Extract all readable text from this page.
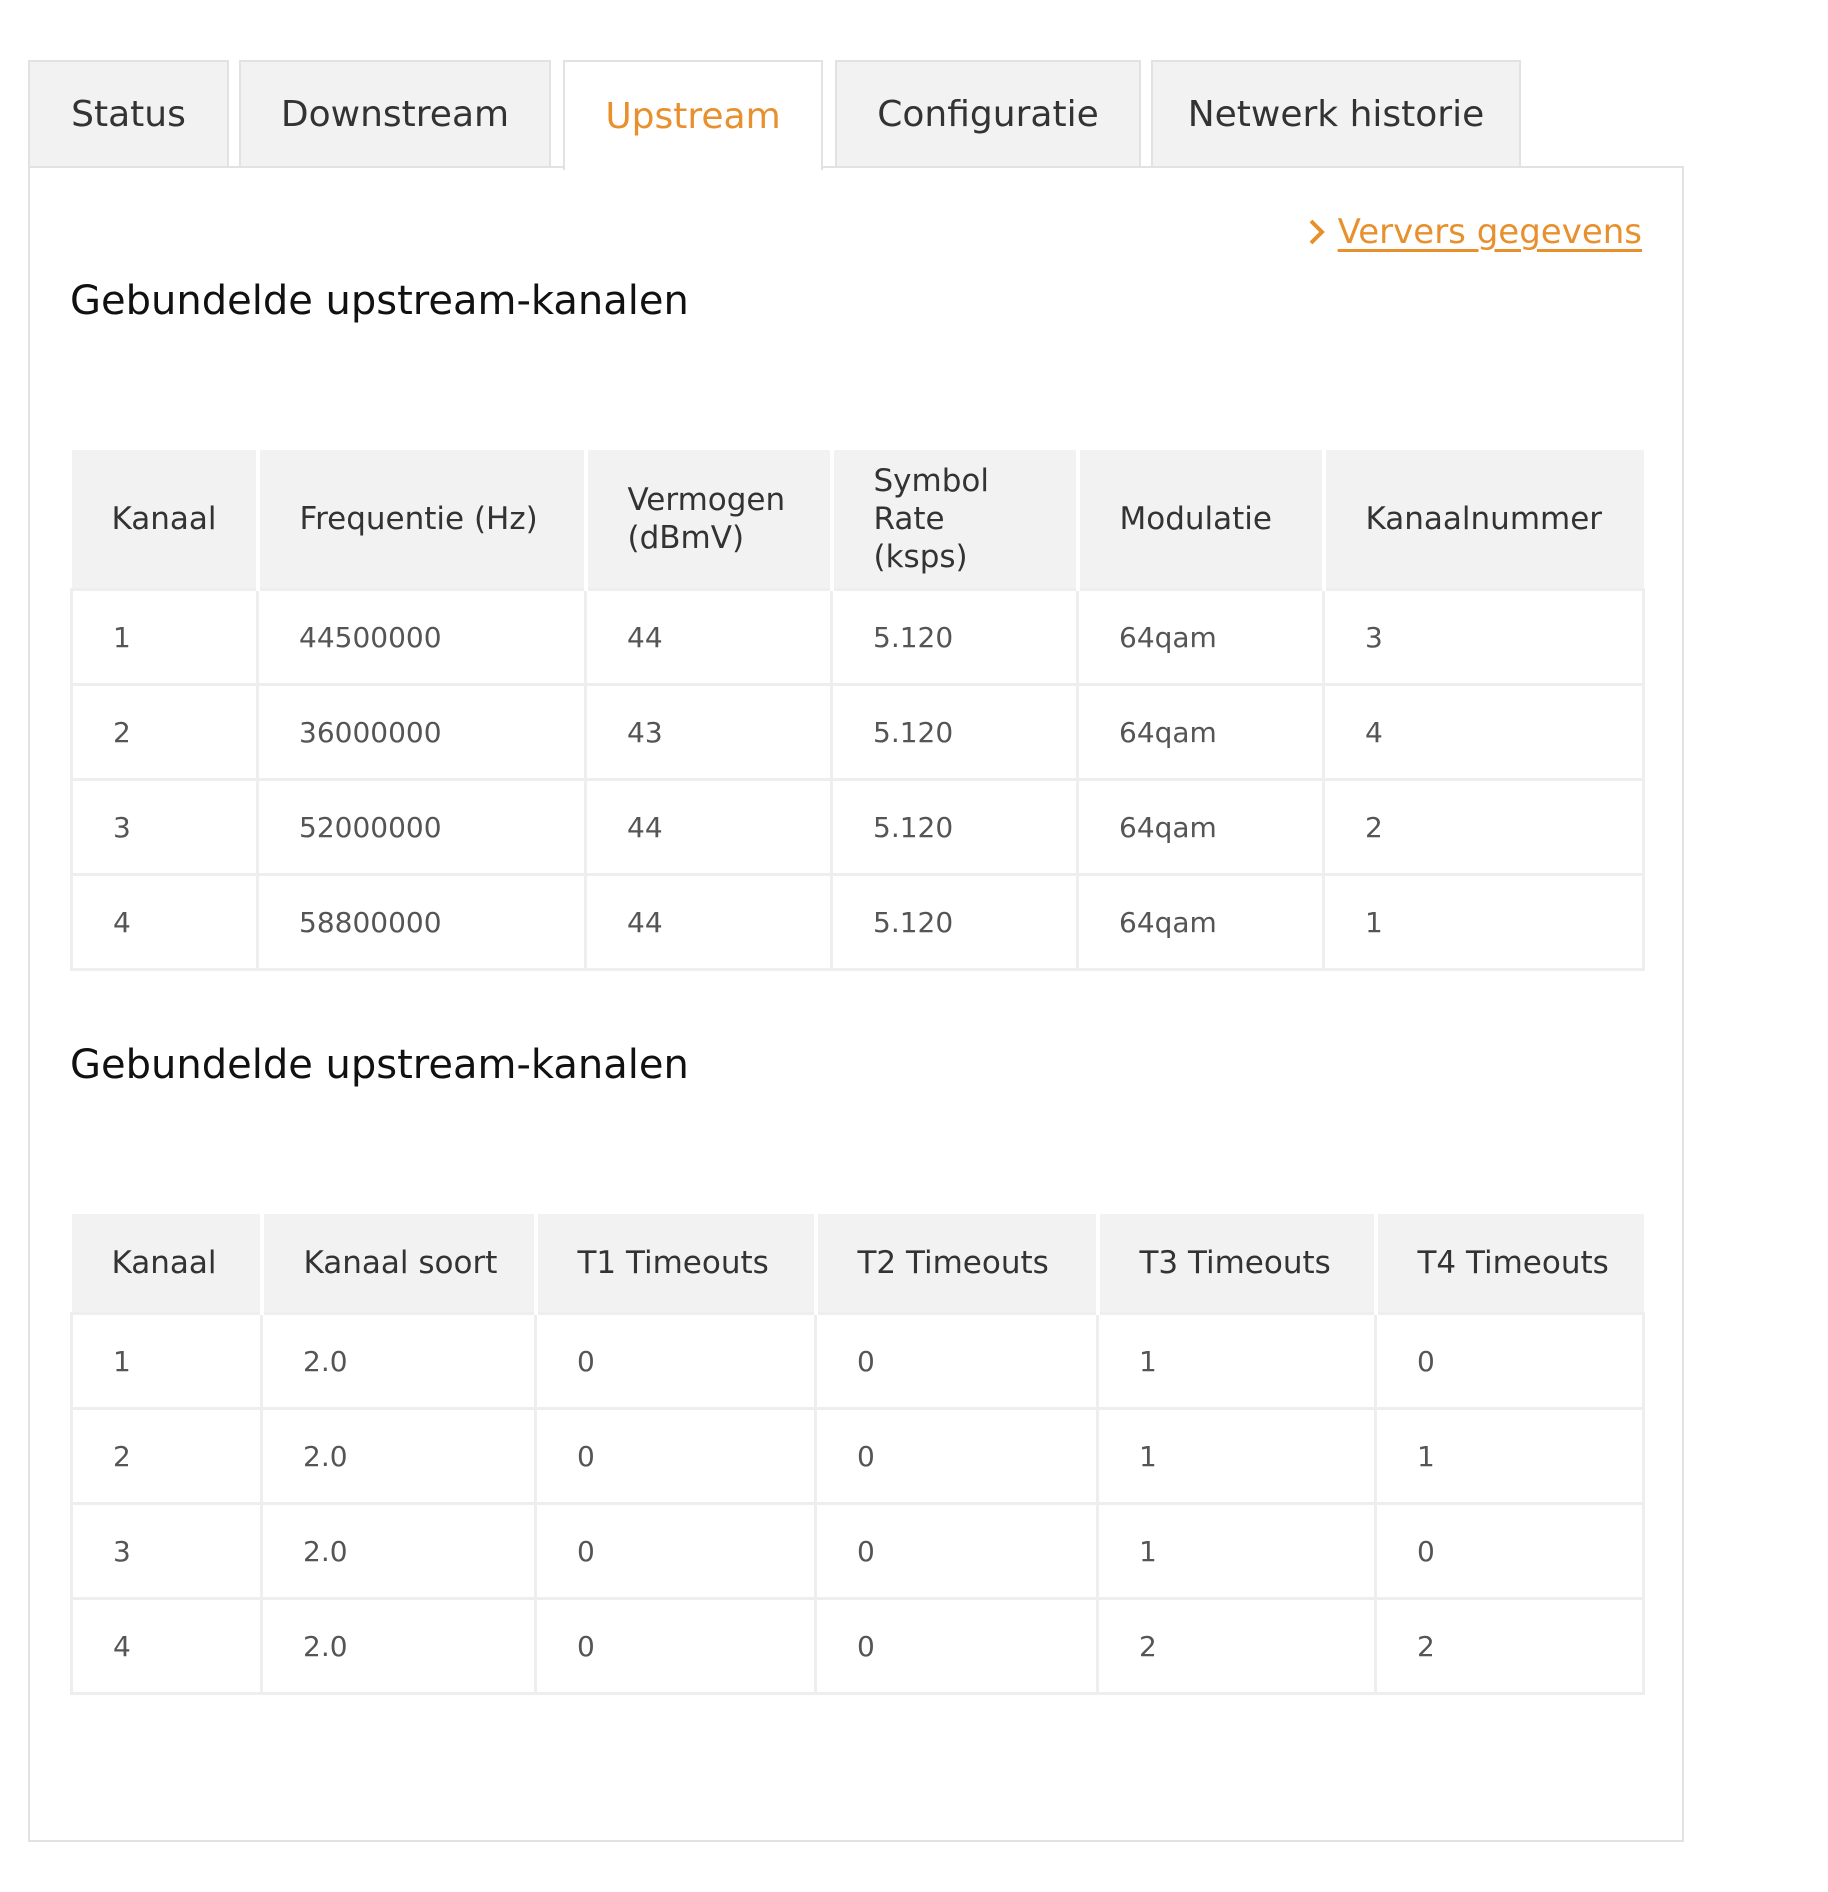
Status	Downstream	Upstream	Configuratie	Netwerk historie
Ververs gegevens
Gebundelde upstream-kanalen
Kanaal	Frequentie (Hz)	Vermogen (dBmV)	Symbol Rate (ksps)	Modulatie	Kanaalnummer
1	44500000	44	5.120	64qam	3
2	36000000	43	5.120	64qam	4
3	52000000	44	5.120	64qam	2
4	58800000	44	5.120	64qam	1
Gebundelde upstream-kanalen
Kanaal	Kanaal soort	T1 Timeouts	T2 Timeouts	T3 Timeouts	T4 Timeouts
1	2.0	0	0	1	0
2	2.0	0	0	1	1
3	2.0	0	0	1	0
4	2.0	0	0	2	2
